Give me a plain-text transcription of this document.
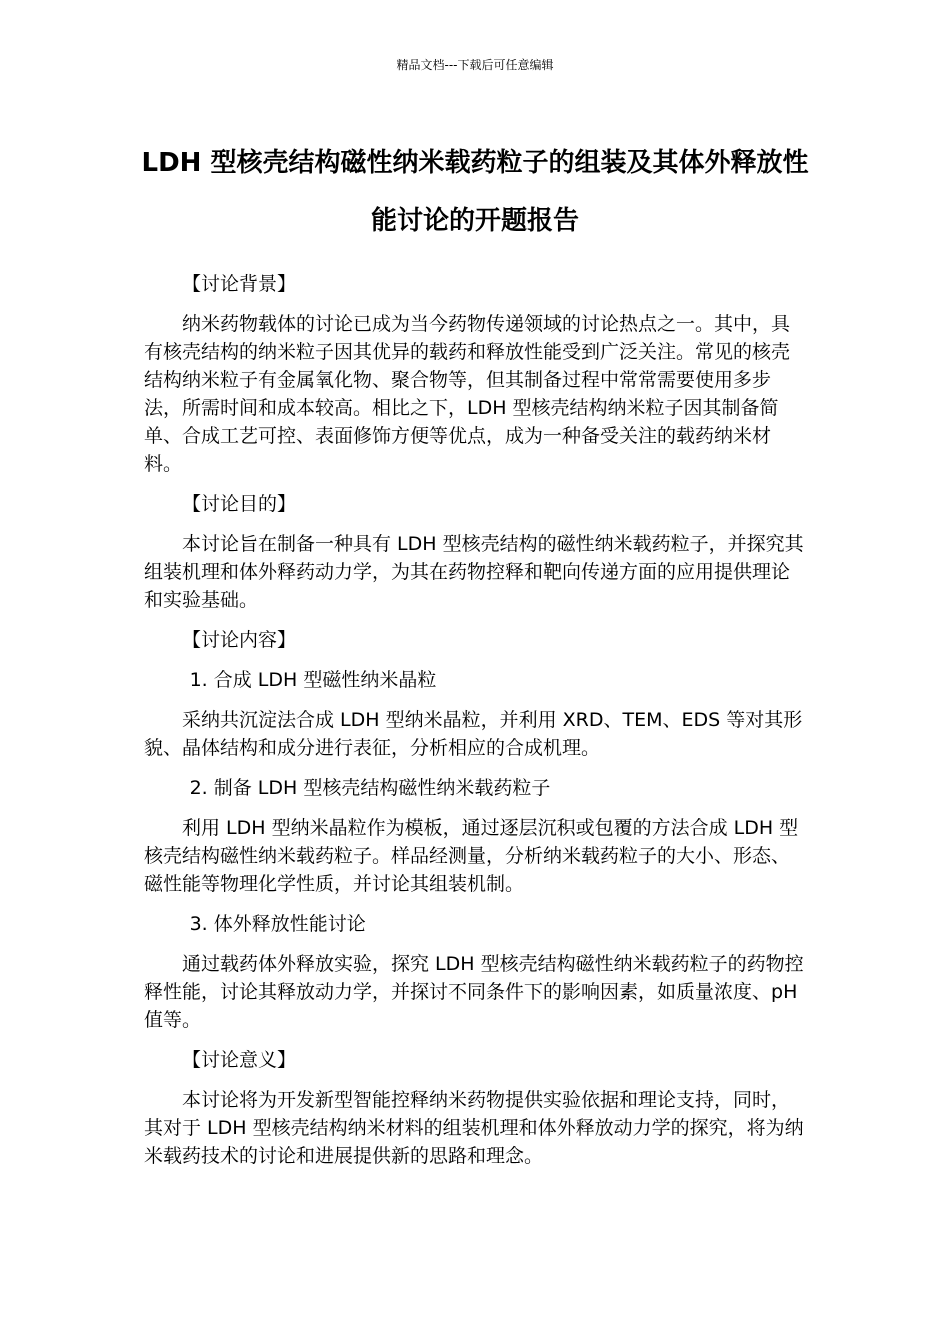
精品文档---下载后可任意编辑
LDH 型核壳结构磁性纳米载药粒子的组装及其体外释放性能讨论的开题报告

【讨论背景】

纳米药物载体的讨论已成为当今药物传递领域的讨论热点之一。其中，具有核壳结构的纳米粒子因其优异的载药和释放性能受到广泛关注。常见的核壳结构纳米粒子有金属氧化物、聚合物等，但其制备过程中常常需要使用多步法，所需时间和成本较高。相比之下，LDH 型核壳结构纳米粒子因其制备简单、合成工艺可控、表面修饰方便等优点，成为一种备受关注的载药纳米材料。

【讨论目的】

本讨论旨在制备一种具有 LDH 型核壳结构的磁性纳米载药粒子，并探究其组装机理和体外释药动力学，为其在药物控释和靶向传递方面的应用提供理论和实验基础。

【讨论内容】

1. 合成 LDH 型磁性纳米晶粒

采纳共沉淀法合成 LDH 型纳米晶粒，并利用 XRD、TEM、EDS 等对其形貌、晶体结构和成分进行表征，分析相应的合成机理。

2. 制备 LDH 型核壳结构磁性纳米载药粒子

利用 LDH 型纳米晶粒作为模板，通过逐层沉积或包覆的方法合成 LDH 型核壳结构磁性纳米载药粒子。样品经测量，分析纳米载药粒子的大小、形态、磁性能等物理化学性质，并讨论其组装机制。

3. 体外释放性能讨论

通过载药体外释放实验，探究 LDH 型核壳结构磁性纳米载药粒子的药物控释性能，讨论其释放动力学，并探讨不同条件下的影响因素，如质量浓度、pH 值等。

【讨论意义】

本讨论将为开发新型智能控释纳米药物提供实验依据和理论支持，同时，其对于 LDH 型核壳结构纳米材料的组装机理和体外释放动力学的探究，将为纳米载药技术的讨论和进展提供新的思路和理念。
